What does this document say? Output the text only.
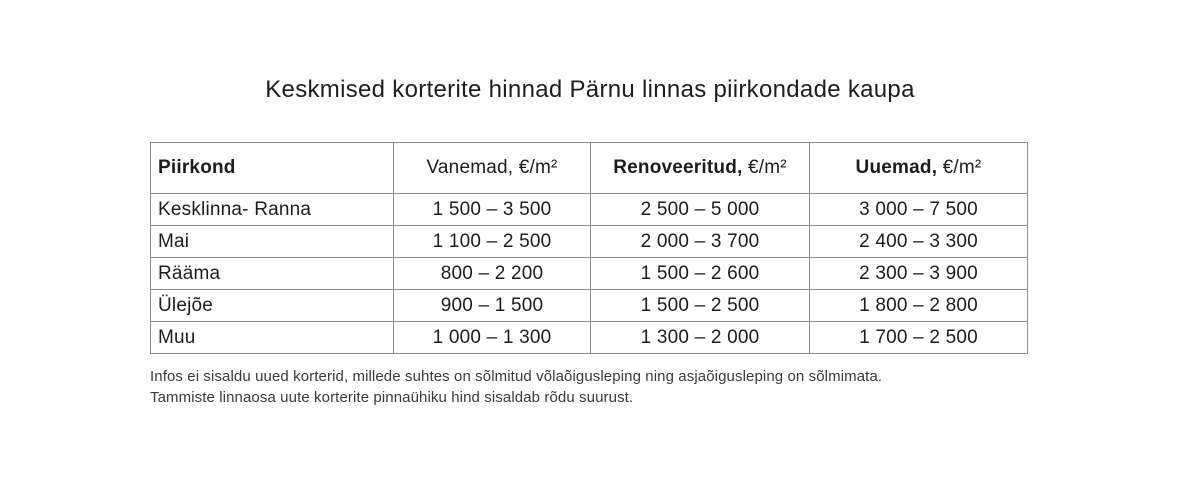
Keskmised korterite hinnad Pärnu linnas piirkondade kaupa
Piirkond	Vanemad, €/m²	Renoveeritud, €/m²	Uuemad, €/m²
Kesklinna- Ranna	1 500 – 3 500	2 500 – 5 000	3 000 – 7 500
Mai	1 100 – 2 500	2 000 – 3 700	2 400 – 3 300
Rääma	800 – 2 200	1 500 – 2 600	2 300 – 3 900
Ülejõe	900 – 1 500	1 500 – 2 500	1 800 – 2 800
Muu	1 000 – 1 300	1 300 – 2 000	1 700 – 2 500
Infos ei sisaldu uued korterid, millede suhtes on sõlmitud võlaõigusleping ning asjaõigusleping on sõlmimata.
Tammiste linnaosa uute korterite pinnaühiku hind sisaldab rõdu suurust.
